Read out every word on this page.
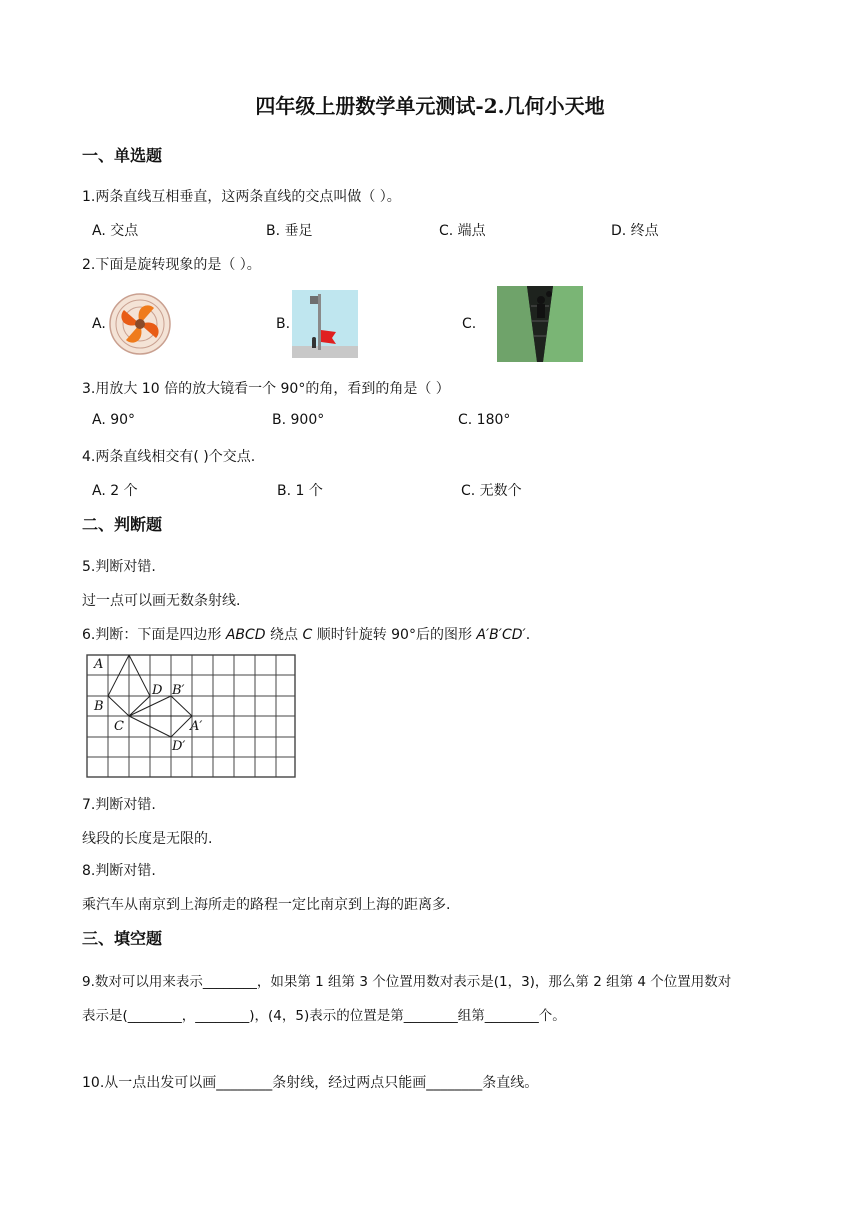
四年级上册数学单元测试-2.几何小天地
一、单选题
1.两条直线互相垂直，这两条直线的交点叫做（ ）。
A. 交点	B. 垂足	C. 端点	D. 终点
2.下面是旋转现象的是（ ）。
A.	B.	C.
3.用放大 10 倍的放大镜看一个 90°的角，看到的角是（ ）
A. 90°	B. 900°	C. 180°
4.两条直线相交有( )个交点.
A. 2 个	B. 1 个	C. 无数个
二、判断题
5.判断对错.
过一点可以画无数条射线.
6.判断：下面是四边形 ABCD 绕点 C 顺时针旋转 90°后的图形 A′B′CD′.
A
B
C
D B′
A′
D′
7.判断对错.
线段的长度是无限的.
8.判断对错.
乘汽车从南京到上海所走的路程一定比南京到上海的距离多.
三、填空题
9.数对可以用来表示________，如果第 1 组第 3 个位置用数对表示是(1，3)，那么第 2 组第 4 个位置用数对
表示是(________，________)，(4，5)表示的位置是第________组第________个。
10.从一点出发可以画________条射线，经过两点只能画________条直线。
